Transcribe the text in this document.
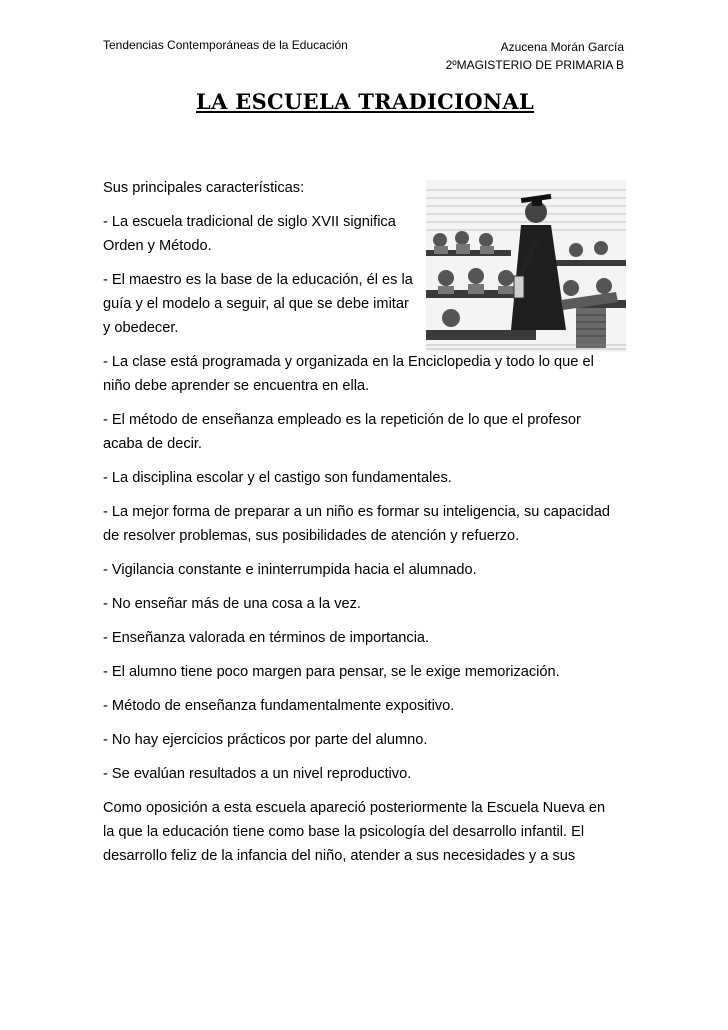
Tendencias Contemporáneas de la Educación	Azucena Morán García
2ºMAGISTERIO DE PRIMARIA B
LA ESCUELA TRADICIONAL

Sus principales características:

- La escuela tradicional de siglo XVII significa
Orden y Método.

- El maestro es la base de la educación, él es la
guía y el modelo a seguir, al que se debe imitar
y obedecer.

- La clase está programada y organizada en la Enciclopedia y todo lo que el
niño debe aprender se encuentra en ella.

- El método de enseñanza empleado es la repetición de lo que el profesor
acaba de decir.

- La disciplina escolar y el castigo son fundamentales.

- La mejor forma de preparar a un niño es formar su inteligencia, su capacidad
de resolver problemas, sus posibilidades de atención y refuerzo.

- Vigilancia constante e ininterrumpida hacia el alumnado.

- No enseñar más de una cosa a la vez.

- Enseñanza valorada en términos de importancia.

- El alumno tiene poco margen para pensar, se le exige memorización.

- Método de enseñanza fundamentalmente expositivo.

- No hay ejercicios prácticos por parte del alumno.

- Se evalúan resultados a un nivel reproductivo.

Como oposición a esta escuela apareció posteriormente la Escuela Nueva en
la que la educación tiene como base la psicología del desarrollo infantil. El
desarrollo feliz de la infancia del niño, atender a sus necesidades y a sus
